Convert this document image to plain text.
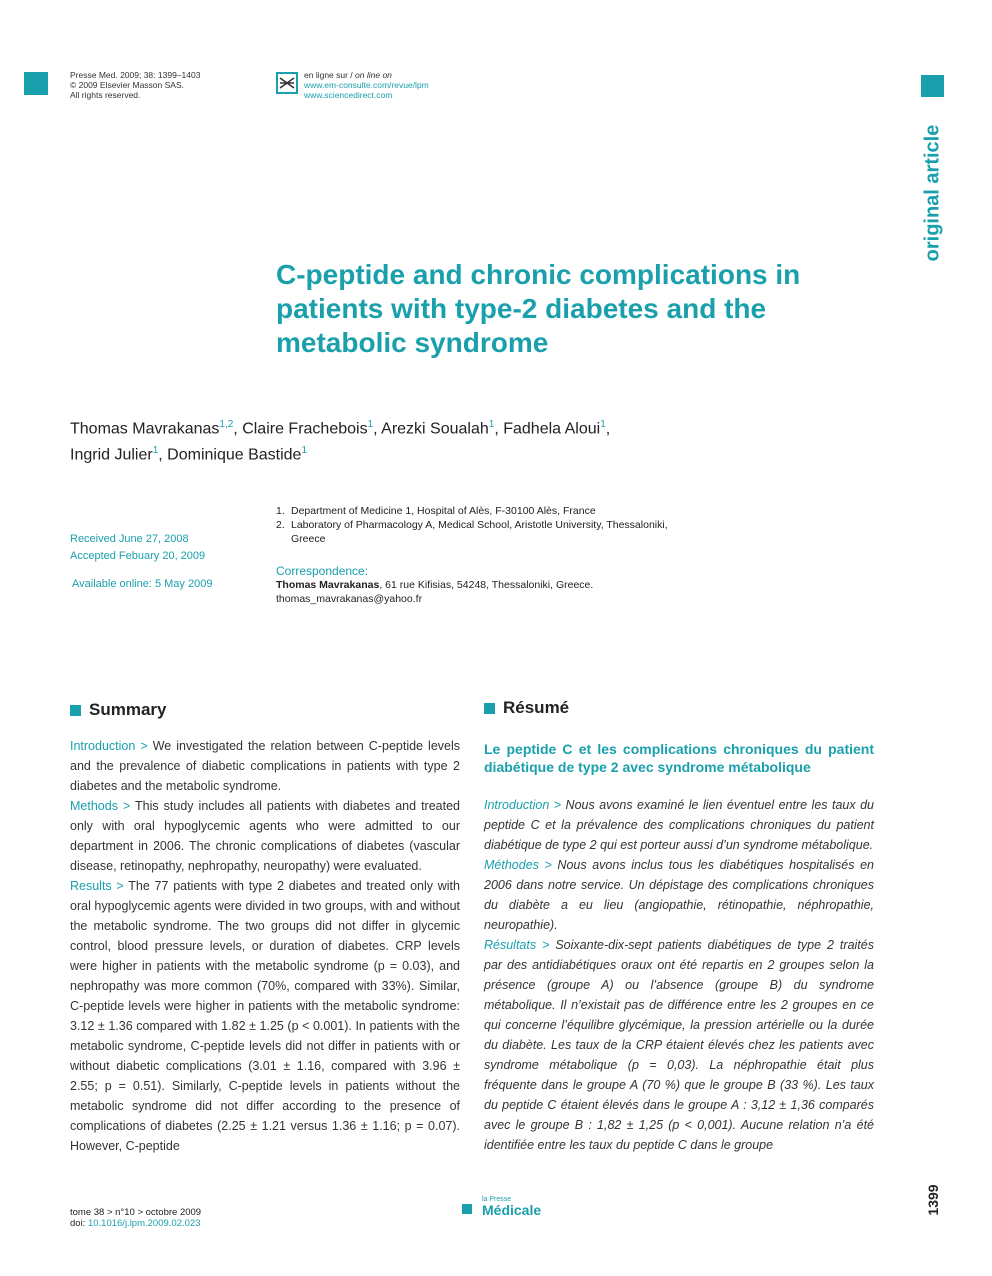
Presse Med. 2009; 38: 1399–1403
© 2009 Elsevier Masson SAS.
All rights reserved.
en ligne sur / on line on
www.em-consulte.com/revue/lpm
www.sciencedirect.com
original article
C-peptide and chronic complications in patients with type-2 diabetes and the metabolic syndrome
Thomas Mavrakanas$^{1,2}$, Claire Frachebois$^1$, Arezki Soualah$^1$, Fadhela Aloui$^1$,
Ingrid Julier$^1$, Dominique Bastide$^1$
1. Department of Medicine 1, Hospital of Alès, F-30100 Alès, France
2. Laboratory of Pharmacology A, Medical School, Aristotle University, Thessaloniki, Greece
Received June 27, 2008
Accepted Febuary 20, 2009
Available online: 5 May 2009
Correspondence:
Thomas Mavrakanas, 61 rue Kifisias, 54248, Thessaloniki, Greece.
thomas_mavrakanas@yahoo.fr
Summary

Introduction > We investigated the relation between C-peptide levels and the prevalence of diabetic complications in patients with type 2 diabetes and the metabolic syndrome.

Methods > This study includes all patients with diabetes and treated only with oral hypoglycemic agents who were admitted to our department in 2006. The chronic complications of diabetes (vascular disease, retinopathy, nephropathy, neuropathy) were evaluated.

Results > The 77 patients with type 2 diabetes and treated only with oral hypoglycemic agents were divided in two groups, with and without the metabolic syndrome. The two groups did not differ in glycemic control, blood pressure levels, or duration of diabetes. CRP levels were higher in patients with the metabolic syndrome (p = 0.03), and nephropathy was more common (70%, compared with 33%). Similar, C-peptide levels were higher in patients with the metabolic syndrome: 3.12 ± 1.36 compared with 1.82 ± 1.25 (p < 0.001). In patients with the metabolic syndrome, C-peptide levels did not differ in patients with or without diabetic complications (3.01 ± 1.16, compared with 3.96 ± 2.55; p = 0.51). Similarly, C-peptide levels in patients without the metabolic syndrome did not differ according to the presence of complications of diabetes (2.25 ± 1.21 versus 1.36 ± 1.16; p = 0.07). However, C-peptide

Résumé
Le peptide C et les complications chroniques du patient diabétique de type 2 avec syndrome métabolique

Introduction > Nous avons examiné le lien éventuel entre les taux du peptide C et la prévalence des complications chroniques du patient diabétique de type 2 qui est porteur aussi d’un syndrome métabolique.

Méthodes > Nous avons inclus tous les diabétiques hospitalisés en 2006 dans notre service. Un dépistage des complications chroniques du diabète a eu lieu (angiopathie, rétinopathie, néphropathie, neuropathie).

Résultats > Soixante-dix-sept patients diabétiques de type 2 traités par des antidiabétiques oraux ont été repartis en 2 groupes selon la présence (groupe A) ou l’absence (groupe B) du syndrome métabolique. Il n’existait pas de différence entre les 2 groupes en ce qui concerne l’équilibre glycémique, la pression artérielle ou la durée du diabète. Les taux de la CRP étaient élevés chez les patients avec syndrome métabolique (p = 0,03). La néphropathie était plus fréquente dans le groupe A (70 %) que le groupe B (33 %). Les taux du peptide C étaient élevés dans le groupe A : 3,12 ± 1,36 comparés avec le groupe B : 1,82 ± 1,25 (p < 0,001). Aucune relation n’a été identifiée entre les taux du peptide C dans le groupe

tome 38 > n°10 > octobre 2009
doi: 10.1016/j.lpm.2009.02.023
la Presse
Médicale	1399
